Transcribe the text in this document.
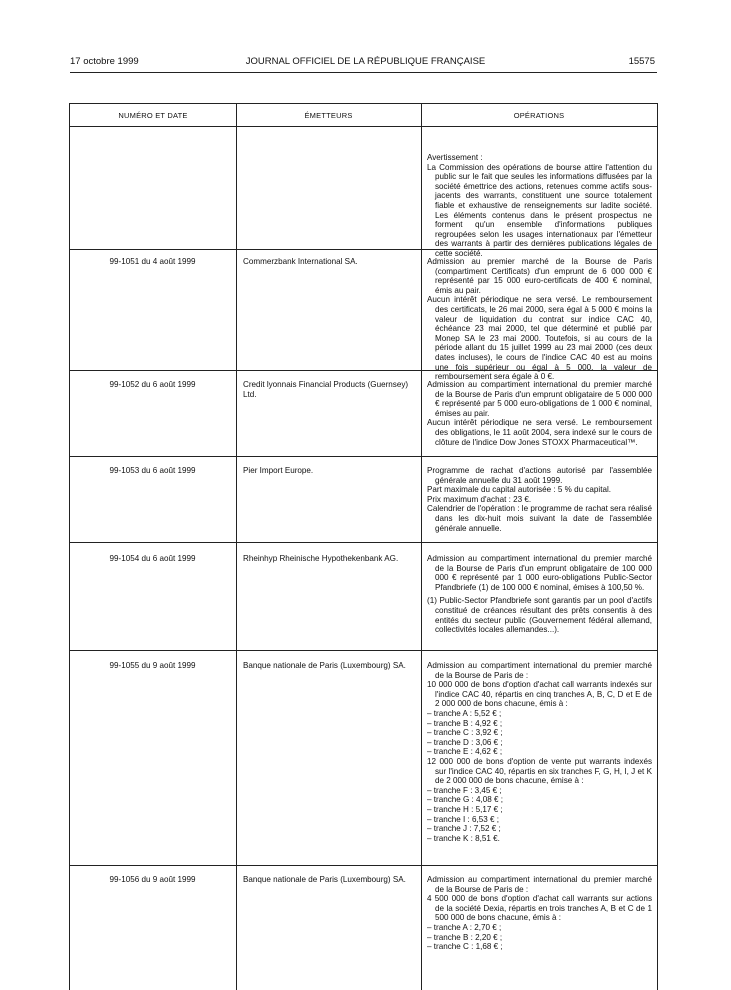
17 octobre 1999	JOURNAL OFFICIEL DE LA RÉPUBLIQUE FRANÇAISE	15575
NUMÉRO ET DATE	ÉMETTEURS	OPÉRATIONS

Avertissement :

La Commission des opérations de bourse attire l'attention du public sur le fait que seules les informations diffusées par la société émettrice des actions, retenues comme actifs sous-jacents des warrants, constituent une source totalement fiable et exhaustive de renseignements sur ladite société. Les éléments contenus dans le présent prospectus ne forment qu'un ensemble d'informations publiques regroupées selon les usages internationaux par l'émetteur des warrants à partir des dernières publications légales de cette société.

99-1051 du 4 août 1999	Commerzbank International SA.	Admission au premier marché de la Bourse de Paris (compartiment Certificats) d'un emprunt de 6 000 000 € représenté par 15 000 euro-certificats de 400 € nominal, émis au pair.

Aucun intérêt périodique ne sera versé. Le remboursement des certificats, le 26 mai 2000, sera égal à 5 000 € moins la valeur de liquidation du contrat sur indice CAC 40, échéance 23 mai 2000, tel que déterminé et publié par Monep SA le 23 mai 2000. Toutefois, si au cours de la période allant du 15 juillet 1999 au 23 mai 2000 (ces deux dates incluses), le cours de l'indice CAC 40 est au moins une fois supérieur ou égal à 5 000, la valeur de remboursement sera égale à 0 €.

99-1052 du 6 août 1999	Credit lyonnais Financial Products (Guernsey) Ltd.

Admission au compartiment international du premier marché de la Bourse de Paris d'un emprunt obligataire de 5 000 000 € représenté par 5 000 euro-obligations de 1 000 € nominal, émises au pair.

Aucun intérêt périodique ne sera versé. Le remboursement des obligations, le 11 août 2004, sera indexé sur le cours de clôture de l'indice Dow Jones STOXX Pharmaceutical™.

99-1053 du 6 août 1999	Pier Import Europe.	Programme de rachat d'actions autorisé par l'assemblée générale annuelle du 31 août 1999.

Part maximale du capital autorisée : 5 % du capital.

Prix maximum d'achat : 23 €.

Calendrier de l'opération : le programme de rachat sera réalisé dans les dix-huit mois suivant la date de l'assemblée générale annuelle.

99-1054 du 6 août 1999	Rheinhyp Rheinische Hypothekenbank AG.	Admission au compartiment international du premier marché de la Bourse de Paris d'un emprunt obligataire de 100 000 000 € représenté par 1 000 euro-obligations Public-Sector Pfandbriefe (1) de 100 000 € nominal, émises à 100,50 %.

(1) Public-Sector Pfandbriefe sont garantis par un pool d'actifs constitué de créances résultant des prêts consentis à des entités du secteur public (Gouvernement fédéral allemand, collectivités locales allemandes...).

99-1055 du 9 août 1999	Banque nationale de Paris (Luxembourg) SA.	Admission au compartiment international du premier marché de la Bourse de Paris de :

10 000 000 de bons d'option d'achat call warrants indexés sur l'indice CAC 40, répartis en cinq tranches A, B, C, D et E de 2 000 000 de bons chacune, émis à :

– tranche A : 5,52 € ;

– tranche B : 4,92 € ;

– tranche C : 3,92 € ;

– tranche D : 3,06 € ;

– tranche E : 4,62 € ;

12 000 000 de bons d'option de vente put warrants indexés sur l'indice CAC 40, répartis en six tranches F, G, H, I, J et K de 2 000 000 de bons chacune, émise à :

– tranche F : 3,45 € ;

– tranche G : 4,08 € ;

– tranche H : 5,17 € ;

– tranche I : 6,53 € ;

– tranche J : 7,52 € ;

– tranche K : 8,51 €.

99-1056 du 9 août 1999	Banque nationale de Paris (Luxembourg) SA.	Admission au compartiment international du premier marché de la Bourse de Paris de :

4 500 000 de bons d'option d'achat call warrants sur actions de la société Dexia, répartis en trois tranches A, B et C de 1 500 000 de bons chacune, émis à :

– tranche A : 2,70 € ;

– tranche B : 2,20 € ;

– tranche C : 1,68 € ;
